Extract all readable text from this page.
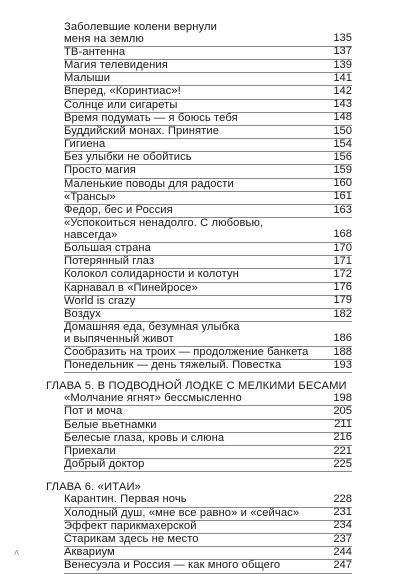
Заболевшие колени вернули
меня на землю	135
ТВ-антенна	137
Магия телевидения	139
Малыши	141
Вперед, «Коринтиас»!	142
Солнце или сигареты	143
Время подумать — я боюсь тебя	148
Буддийский монах. Принятие	150
Гигиена	154
Без улыбки не обойтись	156
Просто магия	159
Маленькие поводы для радости	160
«Трансы»	161
Федор, бес и Россия	163
«Успокоиться ненадолго. С любовью, навсегда»	168
Большая страна	170
Потерянный глаз	171
Колокол солидарности и колотун	172
Карнавал в «Пинейросе»	176
World is crazy	179
Воздух	182
Домашняя еда, безумная улыбка
и выпяченный живот	186
Сообразить на троих — продолжение банкета	188
Понедельник — день тяжелый. Повестка	193
ГЛАВА 5. В ПОДВОДНОЙ ЛОДКЕ С МЕЛКИМИ БЕСАМИ
«Молчание ягнят» бессмысленно	198
Пот и моча	205
Белые вьетнамки	211
Белесые глаза, кровь и слюна	216
Приехали	221
Добрый доктор	225
ГЛАВА 6. «ИТАИ»
Карантин. Первая ночь	228
Холодный душ, «мне все равно» и «сейчас»	231
Эффект парикмахерской	234
Старикам здесь не место	237
Аквариум	244
Венесуэла и Россия — как много общего	247
ʌ
